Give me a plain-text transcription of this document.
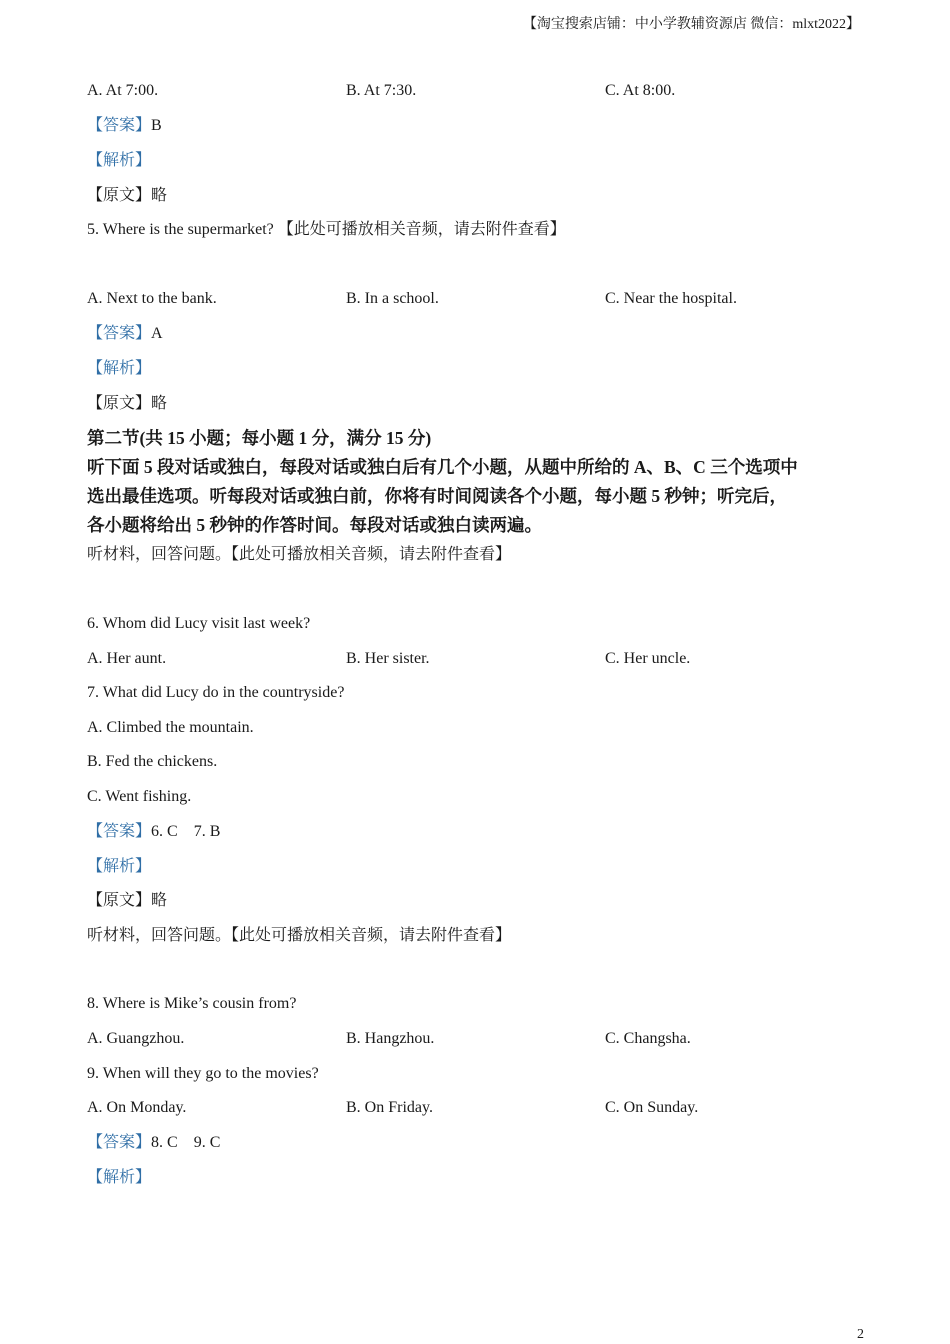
【淘宝搜索店铺：中小学教辅资源店 微信：mlxt2022】
A. At 7:00.	B. At 7:30.	C. At 8:00.
【答案】B
【解析】
【原文】略
5. Where is the supermarket? 【此处可播放相关音频，请去附件查看】
A. Next to the bank.	B. In a school.	C. Near the hospital.
【答案】A
【解析】
【原文】略
第二节(共 15 小题；每小题 1 分，满分 15 分)
听下面 5 段对话或独白，每段对话或独白后有几个小题，从题中所给的 A、B、C 三个选项中
选出最佳选项。听每段对话或独白前，你将有时间阅读各个小题，每小题 5 秒钟；听完后，
各小题将给出 5 秒钟的作答时间。每段对话或独白读两遍。
听材料，回答问题。【此处可播放相关音频，请去附件查看】
6. Whom did Lucy visit last week?
A. Her aunt.	B. Her sister.	C. Her uncle.
7. What did Lucy do in the countryside?
A. Climbed the mountain.
B. Fed the chickens.
C. Went fishing.
【答案】6. C    7. B
【解析】
【原文】略
听材料，回答问题。【此处可播放相关音频，请去附件查看】
8. Where is Mike’s cousin from?
A. Guangzhou.	B. Hangzhou.	C. Changsha.
9. When will they go to the movies?
A. On Monday.	B. On Friday.	C. On Sunday.
【答案】8. C    9. C
【解析】
2
